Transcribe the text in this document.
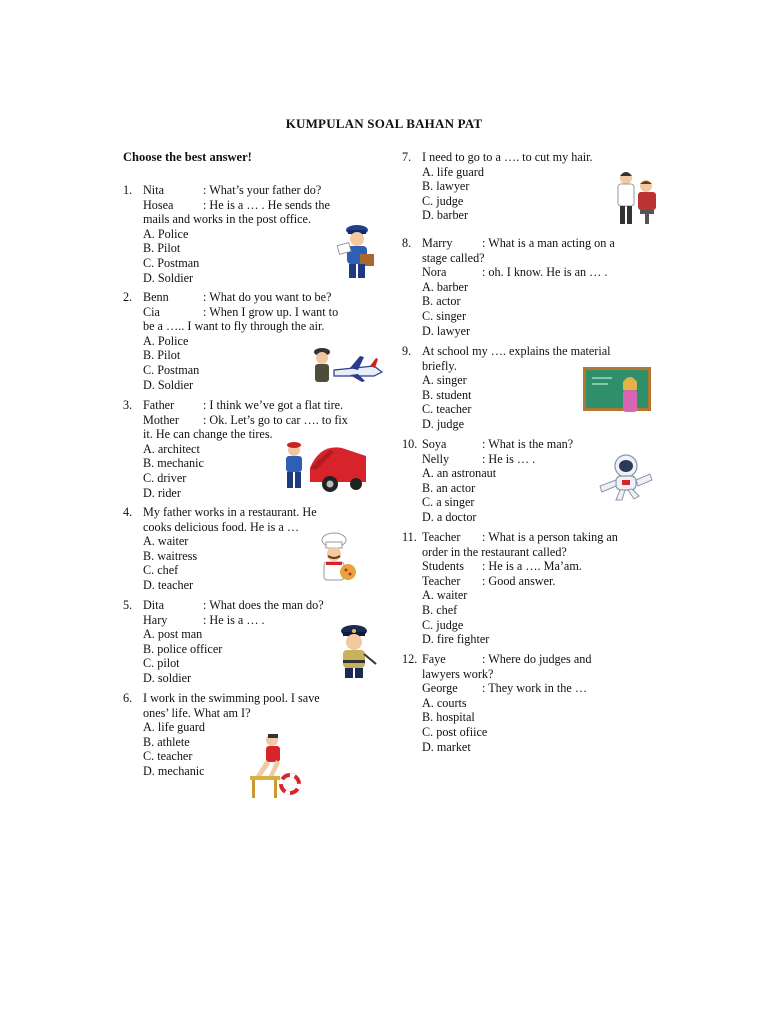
KUMPULAN SOAL BAHAN PAT
Choose the best answer!
1. Nita	: What’s your father do?
Hosea : He is a … . He sends the
mails and works in the post office.
A. Police
B. Pilot
C. Postman
D. Soldier
2. Benn	: What do you want to be?
Cia	: When I grow up. I want to
be a ….. I want to fly through the air.
A. Police
B. Pilot
C. Postman
D. Soldier
3. Father : I think we’ve got a flat tire.
Mother : Ok. Let’s go to car …. to fix
it. He can change the tires.
A. architect
B. mechanic
C. driver
D. rider
4. My father works in a restaurant. He
cooks delicious food. He is a …
A. waiter
B. waitress
C. chef
D. teacher
5. Dita	: What does the man do?
Hary	: He is a … .
A. post man
B. police officer
C. pilot
D. soldier
6. I work in the swimming pool. I save
ones’ life. What am I?
A. life guard
B. athlete
C. teacher
D. mechanic
7. I need to go to a …. to cut my hair.
A. life guard
B. lawyer
C. judge
D. barber
8. Marry : What is a man acting on a
stage called?
Nora	: oh. I know. He is an … .
A. barber
B. actor
C. singer
D. lawyer
9. At school my …. explains the material
briefly.
A. singer
B. student
C. teacher
D. judge
10. Soya	: What is the man?
Nelly	: He is … .
A. an astronaut
B. an actor
C. a singer
D. a doctor
11. Teacher : What is a person taking an
order in the restaurant called?
Students : He is a …. Ma’am.
Teacher : Good answer.
A. waiter
B. chef
C. judge
D. fire fighter
12. Faye	: Where do judges and
lawyers work?
George : They work in the …
A. courts
B. hospital
C. post ofiice
D. market
